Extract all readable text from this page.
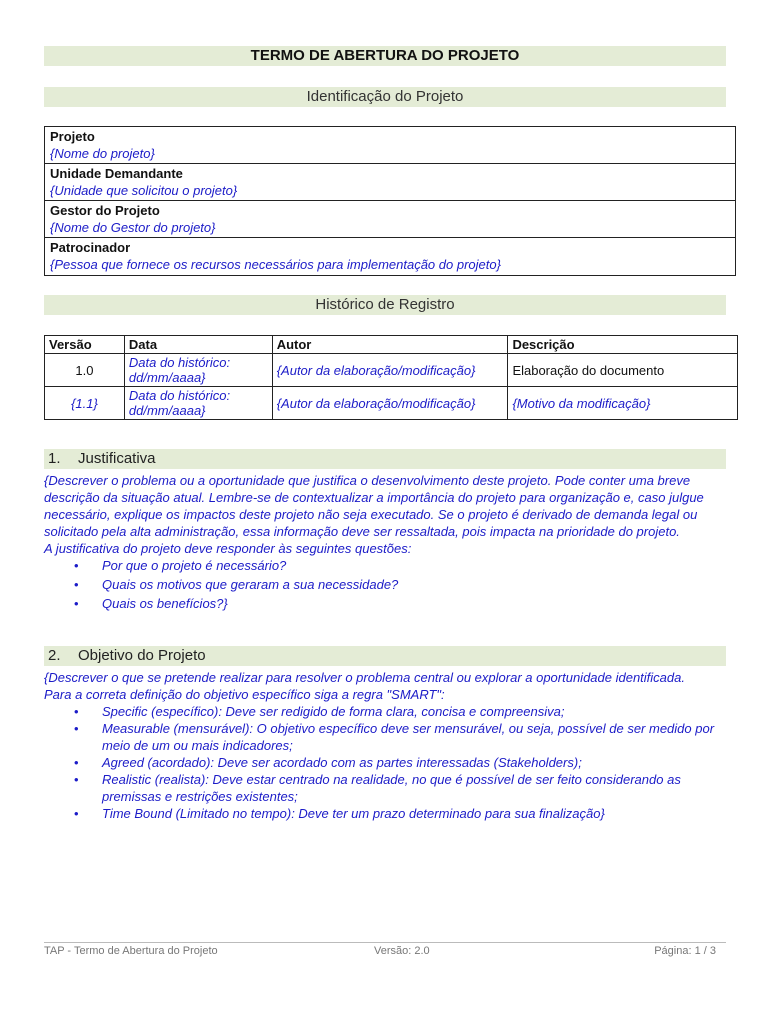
TERMO DE ABERTURA DO PROJETO
Identificação do Projeto
Projeto
{Nome do projeto}
Unidade Demandante
{Unidade que solicitou o projeto}
Gestor do Projeto
{Nome do Gestor do projeto}
Patrocinador
{Pessoa que fornece os recursos necessários para implementação do projeto}
Histórico de Registro
Versão	Data	Autor	Descrição
1.0	Data do histórico: dd/mm/aaaa}	{Autor da elaboração/modificação}	Elaboração do documento
{1.1}	Data do histórico: dd/mm/aaaa}	{Autor da elaboração/modificação}	{Motivo da modificação}
1. Justificativa
{Descrever o problema ou a oportunidade que justifica o desenvolvimento deste projeto. Pode conter uma breve descrição da situação atual. Lembre-se de contextualizar a importância do projeto para organização e, caso julgue necessário, explique os impactos deste projeto não seja executado. Se o projeto é derivado de demanda legal ou solicitado pela alta administração, essa informação deve ser ressaltada, pois impacta na prioridade do projeto.
A justificativa do projeto deve responder às seguintes questões:
• Por que o projeto é necessário?
• Quais os motivos que geraram a sua necessidade?
• Quais os benefícios?}
2. Objetivo do Projeto
{Descrever o que se pretende realizar para resolver o problema central ou explorar a oportunidade identificada.
Para a correta definição do objetivo específico siga a regra "SMART":
• Specific (específico): Deve ser redigido de forma clara, concisa e compreensiva;
• Measurable (mensurável): O objetivo específico deve ser mensurável, ou seja, possível de ser medido por meio de um ou mais indicadores;
• Agreed (acordado): Deve ser acordado com as partes interessadas (Stakeholders);
• Realistic (realista): Deve estar centrado na realidade, no que é possível de ser feito considerando as premissas e restrições existentes;
• Time Bound (Limitado no tempo): Deve ter um prazo determinado para sua finalização}
TAP - Termo de Abertura do Projeto	Versão: 2.0	Página: 1 / 3
